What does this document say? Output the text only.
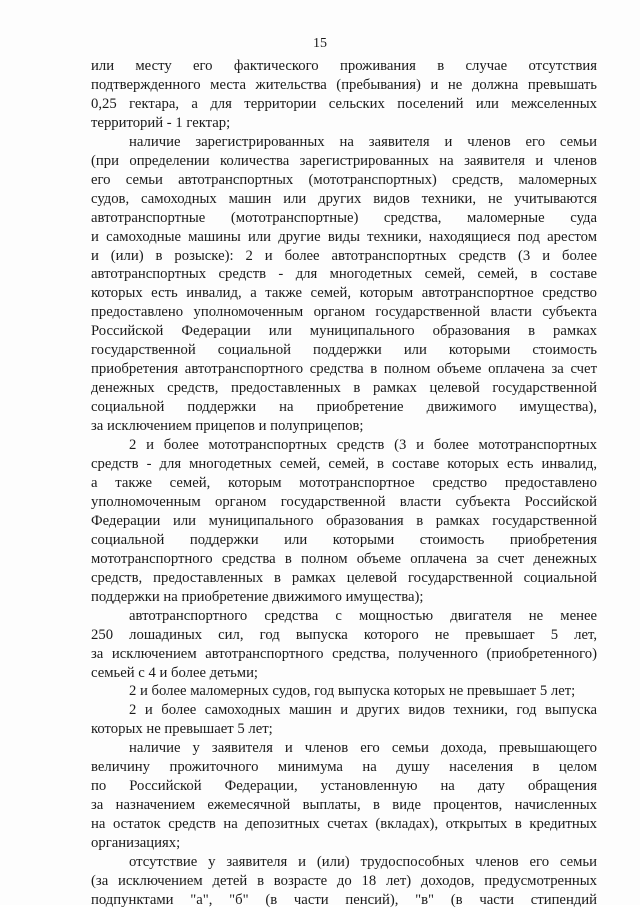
15

или месту его фактического проживания в случае отсутствия
подтвержденного места жительства (пребывания) и не должна превышать
0,25 гектара, а для территории сельских поселений или межселенных
территорий - 1 гектар;

наличие зарегистрированных на заявителя и членов его семьи
(при определении количества зарегистрированных на заявителя и членов
его семьи автотранспортных (мототранспортных) средств, маломерных
судов, самоходных машин или других видов техники, не учитываются
автотранспортные (мототранспортные) средства, маломерные суда
и самоходные машины или другие виды техники, находящиеся под арестом
и (или) в розыске): 2 и более автотранспортных средств (3 и более
автотранспортных средств - для многодетных семей, семей, в составе
которых есть инвалид, а также семей, которым автотранспортное средство
предоставлено уполномоченным органом государственной власти субъекта
Российской Федерации или муниципального образования в рамках
государственной социальной поддержки или которыми стоимость
приобретения автотранспортного средства в полном объеме оплачена за счет
денежных средств, предоставленных в рамках целевой государственной
социальной поддержки на приобретение движимого имущества),
за исключением прицепов и полуприцепов;

2 и более мототранспортных средств (3 и более мототранспортных
средств - для многодетных семей, семей, в составе которых есть инвалид,
а также семей, которым мототранспортное средство предоставлено
уполномоченным органом государственной власти субъекта Российской
Федерации или муниципального образования в рамках государственной
социальной поддержки или которыми стоимость приобретения
мототранспортного средства в полном объеме оплачена за счет денежных
средств, предоставленных в рамках целевой государственной социальной
поддержки на приобретение движимого имущества);

автотранспортного средства с мощностью двигателя не менее
250 лошадиных сил, год выпуска которого не превышает 5 лет,
за исключением автотранспортного средства, полученного (приобретенного)
семьей с 4 и более детьми;

2 и более маломерных судов, год выпуска которых не превышает 5 лет;

2 и более самоходных машин и других видов техники, год выпуска
которых не превышает 5 лет;

наличие у заявителя и членов его семьи дохода, превышающего
величину прожиточного минимума на душу населения в целом
по Российской Федерации, установленную на дату обращения
за назначением ежемесячной выплаты, в виде процентов, начисленных
на остаток средств на депозитных счетах (вкладах), открытых в кредитных
организациях;

отсутствие у заявителя и (или) трудоспособных членов его семьи
(за исключением детей в возрасте до 18 лет) доходов, предусмотренных
подпунктами "а", "б" (в части пенсий), "в" (в части стипендий
